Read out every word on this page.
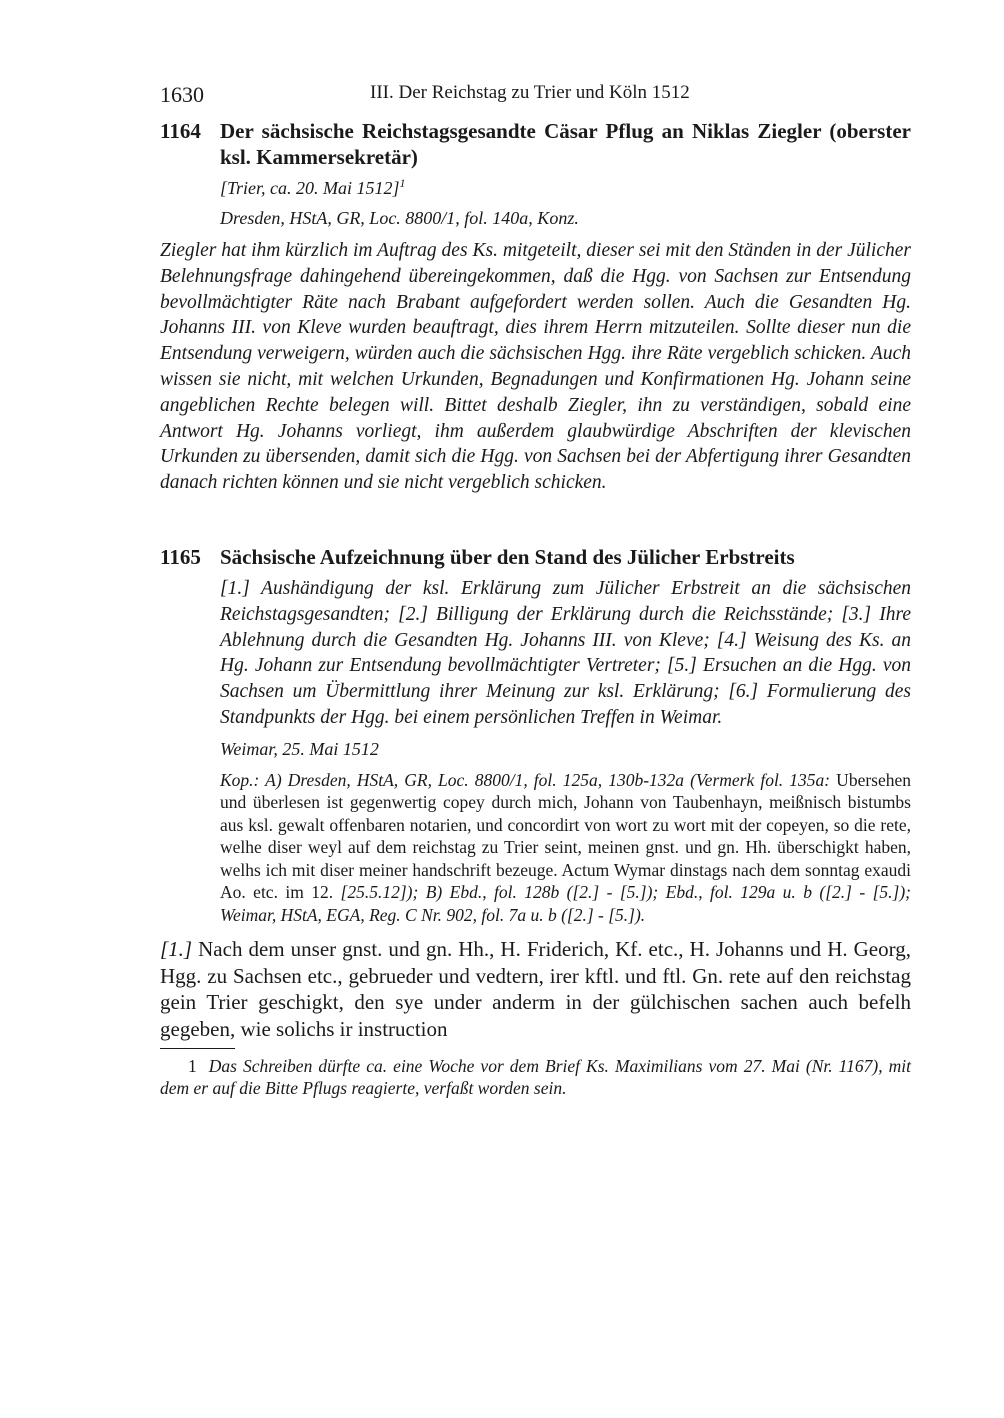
1630	III. Der Reichstag zu Trier und Köln 1512
1164 Der sächsische Reichstagsgesandte Cäsar Pflug an Niklas Ziegler (oberster ksl. Kammersekretär)

[Trier, ca. 20. Mai 1512]$^1$

Dresden, HStA, GR, Loc. 8800/1, fol. 140a, Konz.

Ziegler hat ihm kürzlich im Auftrag des Ks. mitgeteilt, dieser sei mit den Ständen in der Jülicher Belehnungsfrage dahingehend übereingekommen, daß die Hgg. von Sachsen zur Entsendung bevollmächtigter Räte nach Brabant aufgefordert werden sollen. Auch die Gesandten Hg. Johanns III. von Kleve wurden beauftragt, dies ihrem Herrn mitzuteilen. Sollte dieser nun die Entsendung verweigern, würden auch die sächsischen Hgg. ihre Räte vergeblich schicken. Auch wissen sie nicht, mit welchen Urkunden, Begnadungen und Konfirmationen Hg. Johann seine angeblichen Rechte belegen will. Bittet deshalb Ziegler, ihn zu verständigen, sobald eine Antwort Hg. Johanns vorliegt, ihm außerdem glaubwürdige Abschriften der klevischen Urkunden zu übersenden, damit sich die Hgg. von Sachsen bei der Abfertigung ihrer Gesandten danach richten können und sie nicht vergeblich schicken.

1165 Sächsische Aufzeichnung über den Stand des Jülicher Erbstreits

[1.] Aushändigung der ksl. Erklärung zum Jülicher Erbstreit an die sächsischen Reichstagsgesandten; [2.] Billigung der Erklärung durch die Reichsstände; [3.] Ihre Ablehnung durch die Gesandten Hg. Johanns III. von Kleve; [4.] Weisung des Ks. an Hg. Johann zur Entsendung bevollmächtigter Vertreter; [5.] Ersuchen an die Hgg. von Sachsen um Übermittlung ihrer Meinung zur ksl. Erklärung; [6.] Formulierung des Standpunkts der Hgg. bei einem persönlichen Treffen in Weimar.

Weimar, 25. Mai 1512

Kop.: A) Dresden, HStA, GR, Loc. 8800/1, fol. 125a, 130b-132a (Vermerk fol. 135a: Ubersehen und überlesen ist gegenwertig copey durch mich, Johann von Taubenhayn, meißnisch bistumbs aus ksl. gewalt offenbaren notarien, und concordirt von wort zu wort mit der copeyen, so die rete, welhe diser weyl auf dem reichstag zu Trier seint, meinen gnst. und gn. Hh. überschigkt haben, welhs ich mit diser meiner handschrift bezeuge. Actum Wymar dinstags nach dem sonntag exaudi Ao. etc. im 12. [25.5.12]); B) Ebd., fol. 128b ([2.] - [5.]); Ebd., fol. 129a u. b ([2.] - [5.]); Weimar, HStA, EGA, Reg. C Nr. 902, fol. 7a u. b ([2.] - [5.]).

[1.] Nach dem unser gnst. und gn. Hh., H. Friderich, Kf. etc., H. Johanns und H. Georg, Hgg. zu Sachsen etc., gebrueder und vedtern, irer kftl. und ftl. Gn. rete auf den reichstag gein Trier geschigkt, den sye under anderm in der gülchischen sachen auch befelh gegeben, wie solichs ir instruction

1 Das Schreiben dürfte ca. eine Woche vor dem Brief Ks. Maximilians vom 27. Mai (Nr. 1167), mit dem er auf die Bitte Pflugs reagierte, verfaßt worden sein.
